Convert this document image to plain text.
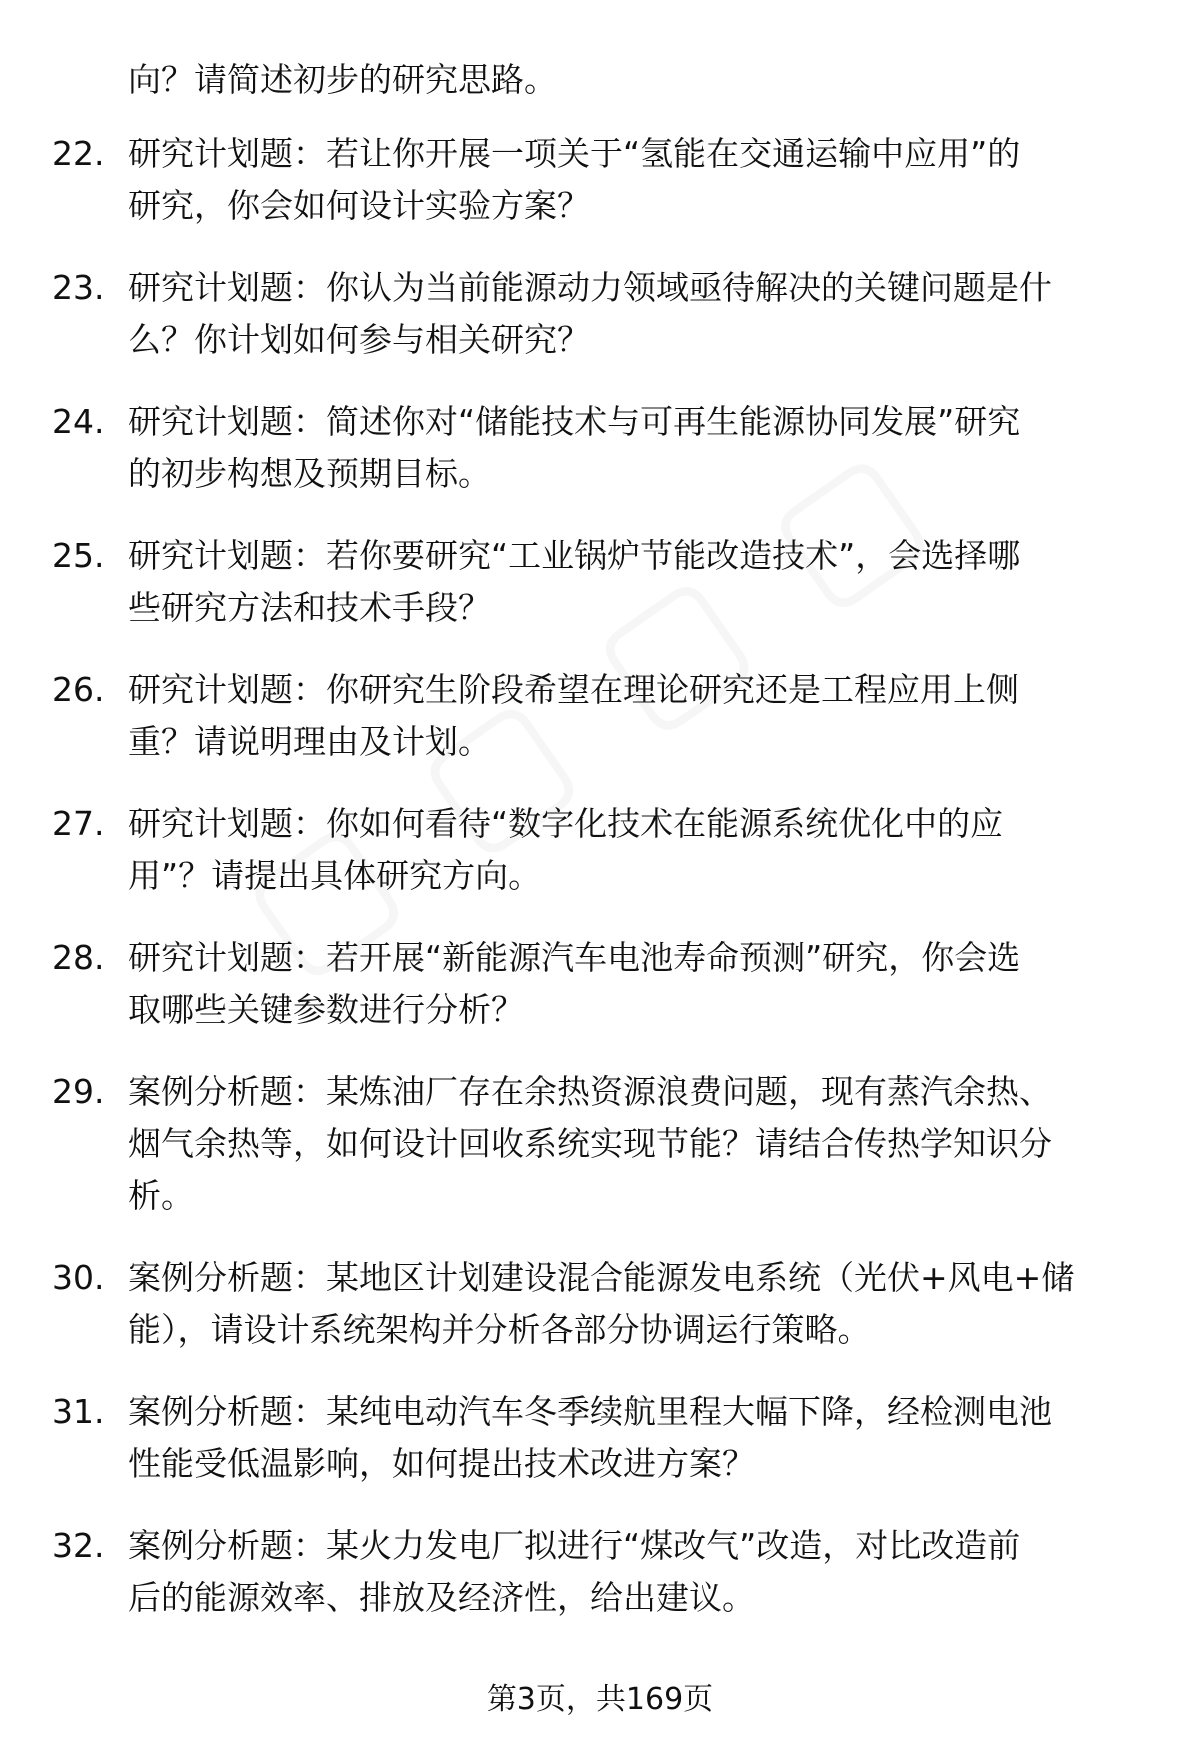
向？请简述初步的研究思路。
22. 研究计划题：若让你开展一项关于“氢能在交通运输中应用”的
研究，你会如何设计实验方案？
23. 研究计划题：你认为当前能源动力领域亟待解决的关键问题是什
么？你计划如何参与相关研究？
24. 研究计划题：简述你对“储能技术与可再生能源协同发展”研究
的初步构想及预期目标。
25. 研究计划题：若你要研究“工业锅炉节能改造技术”，会选择哪
些研究方法和技术手段？
26. 研究计划题：你研究生阶段希望在理论研究还是工程应用上侧
重？请说明理由及计划。
27. 研究计划题：你如何看待“数字化技术在能源系统优化中的应
用”？请提出具体研究方向。
28. 研究计划题：若开展“新能源汽车电池寿命预测”研究，你会选
取哪些关键参数进行分析？
29. 案例分析题：某炼油厂存在余热资源浪费问题，现有蒸汽余热、
烟气余热等，如何设计回收系统实现节能？请结合传热学知识分
析。
30. 案例分析题：某地区计划建设混合能源发电系统（光伏+风电+储
能），请设计系统架构并分析各部分协调运行策略。
31. 案例分析题：某纯电动汽车冬季续航里程大幅下降，经检测电池
性能受低温影响，如何提出技术改进方案？
32. 案例分析题：某火力发电厂拟进行“煤改气”改造，对比改造前
后的能源效率、排放及经济性，给出建议。
第3页，共169页
